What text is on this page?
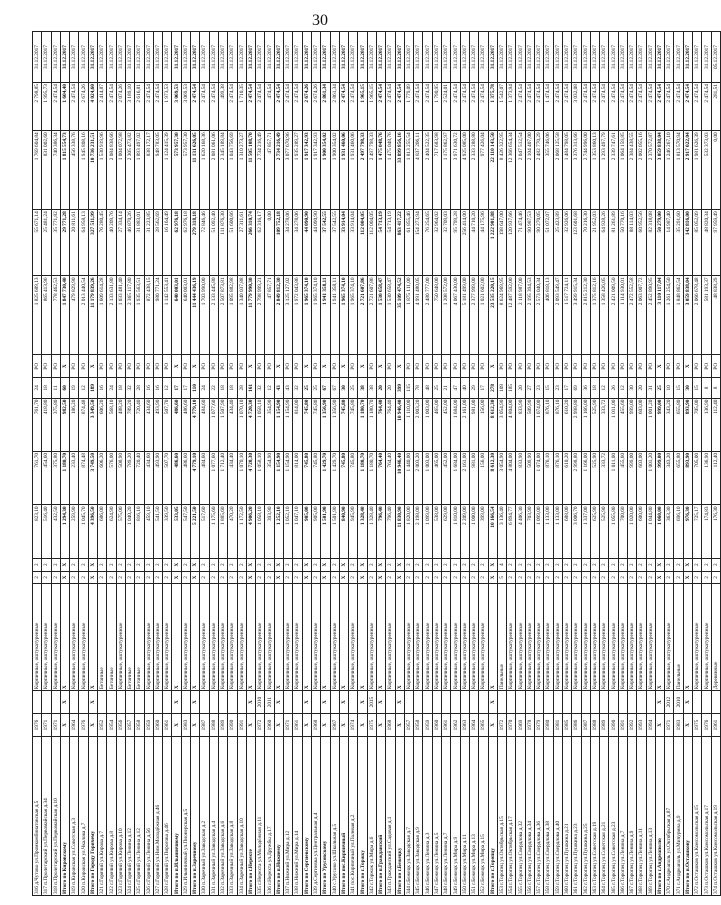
30
316 д.Чутово ул.Промкомбинатовская д.5	1976		Кирпичные, оштукатуренные	2	2	823,10	761,70	761,70	24	РО	1 825 689,13	55 671,14	1 769 604,84	2 798,85	31.12.2017
317 п.Пролетарский ул.Первомайская д.34	1971		Кирпичные, оштукатуренные	2	2	516,40	454,60	418,80	18	РО	865 413,96	25 481,24	831 002,60	1 995,73	31.12.2017
318 п.Пролетарский ул.Первомайская д.10	1971		Кирпичные, оштукатуренные	2	2	432,50	375,80	375,80	11	РО	778 462,53	35 771,82	740 386,34	2 474,54	31.12.2017
Итого по Кировскому	X	X	X	X	X	1 294,30	1 180,70	982,50	60	X	1 847 730,40	29 771,28	1 815 554,73	1 604,40	31.12.2017
319 п.Кировская ул.Советская д.3	1964		Кирпичные, оштукатуренные	2	2	259,90	233,40	186,20	19	РО	479 829,90	20 811,61	456 338,76	2 474,54	31.12.2017
320 п.Кировская ул.Чкалова д.7	1976		Кирпичные, оштукатуренные	2	2	1 045,70	874,48	874,48	12	РО	2 013 440,54	64 958,13	1 945 808,16	2 674,26	31.12.2017
Итого по Городу Горячему	X	X	X	X	X	4 396,50	3 749,50	3 349,50	189	X	11 179 839,26	327 511,99	10 736 231,51	4 024,60	31.12.2017
321 г.Горячий ул.Кирова д.7	1952		Бетонные	2	2	686,00	606,20	606,20	16	РО	1 609 614,28	76 280,45	1 530 919,96	2 414,87	31.12.2017
322 г.Горячий ул.Кирова д.8	1954		Бетонные	2	2	624,90	576,00	568,10	24	РО	2 133 631,80	40 209,76	2 084 838,66	2 474,54	31.12.2017
323 г.Горячий ул.Кирова д.10	1956		Кирпичные, оштукатуренные	2	2	575,00	508,90	488,20	18	РО	1 033 481,40	27 334,14	1 004 072,98	2 074,26	31.12.2017
324 г.Горячий ул.Ленина д.12	1957		Бетонные	2	2	1 040,20	789,20	789,20	32	РО	2 365 117,80	46 870,26	2 305 473,82	3 189,10	31.12.2017
325 г.Горячий ул.Ленина д.12	1958		Бетонные	2	2	816,10	720,40	720,40	28	РО	1 935 563,51	31 883,01	1 893 497,02	2 616,81	31.12.2017
326 г.Горячий ул.Ленина д.56	1959		Кирпичные, оштукатуренные	2	2	459,10	434,60	434,60	16	РО	872 438,15	31 223,85	838 172,17	2 474,54	31.12.2017
327 г.Горячий ул.Ним.Молодёжная д.46	1960		Кирпичные, оштукатуренные	2	2	541,50	493,90	493,90	16	РО	980 771,24	28 562,69	948 783,05	2 474,54	31.12.2017
328 г.Горячий ул.Пирогова д.46	1961		Кирпичные, оштукатуренные	2	2	339,50	507,70	507,70	12	РО	1 142 553,41	16 164,49	1 124 415,39	1 973,53	31.12.2017
Итого по п.Ильиничному	X	X	X	X	X	533,05	486,60	486,60	17	X	640 003,01	62 976,18	573 957,30	3 069,53	31.12.2017
329 п.Ильиничный ул.Пионерская д.5	1983		Кирпичные, оштукатуренные	2	2	547,50	486,60	486,60	17	РО	640 003,01	62 976,18	573 957,30	3 069,53	31.12.2017
Итого по п.Заречному	X	X	X	X	X	5 221,50	4 779,10	4 779,10	110	X	11 444 436,19	279 318,18	11 131 626,05	2 474,54	31.12.2017
330 п.Заречный ул.Заводская д.2	1987		Кирпичные, оштукатуренные	2	2	517,60	484,60	484,60	24	РО	1 703 990,00	72 846,46	1 620 168,36	2 474,54	31.12.2017
331 п.Заречный ул.Заводская д.4	1988		Кирпичные, оштукатуренные	2	2	1 175,60	1 077,60	1 077,60	22	РО	2 133 445,80	51 092,40	2 081 061,06	2 474,54	31.12.2017
332 п.Заречный ул.Заводская д.6	1989		Кирпичные, оштукатуренные	2	2	1 885,60	1 712,40	1 507,90	18	РО	2 507 873,81	111 876,30	2 345 189,84	499,38	31.12.2017
333 п.Заречный ул.Заводская д.8	1990		Кирпичные, оштукатуренные	2	2	470,20	434,40	434,40	18	РО	1 095 882,98	51 600,66	1 043 756,69	2 474,54	31.12.2017
334 п.Заречный ул.Заводская д.10	1991		Кирпичные, оштукатуренные	2	2	1 172,50	1 070,10	1 070,10	28	РО	1 340 037,88	27 311,61	1 310 273,27	1 710,35	31.12.2017
Итого по г.Нерехте	X	X	X	X	X	4 906,20	4 720,30	4 720,30	161	X	11 779 990,30	266 310,74	11 505 108,70	2 474,54	31.12.2017
335 г.Нерехта ул.Молодёжная д.11	1972	2010	Кирпичные, оштукатуренные	2	2	1 058,10	1 058,10	1 058,10	32	РО	2 798 999,21	62 316,17	2 734 216,49	2 474,54	31.12.2017
336 г.Нерехта ул.Дружбы д.17	1960	2011	Кирпичные, оштукатуренные	2	2	393,90	354,90	354,90	12	РО	47 857,71	0,00	47 857,71	474,54	31.12.2017
Итого по п.Нижнему	X	X	X	X	X	1 252,10	1 154,90	1 154,90	43	X	2 849 812,30	109 752,18	2 734 216,49	2 474,54	31.12.2017
337 п.Нижний ул.Мира д.12	1971		Кирпичные, оштукатуренные	2	2	1 052,10	1 154,90	1 154,90	43	РО	3 125 127,02	34 278,06	3 077 670,96	2 474,54	31.12.2017
338 п.Нижний ул.Мира д.14	1961		Кирпичные, оштукатуренные	2	2	1 047,10	814,00	814,00	32	РО	1 972 043,86	34 278,06	1 935 289,27	2 474,54	31.12.2017
Итого по Сергиевскому	X	X	X	X	X	905,00	745,80	745,80	25	X	1 965 374,10	44 090,90	1 917 342,93	2 674,26	31.12.2017
339 д.Сергиевка ул.Центральная д.4	1968		Кирпичные, оштукатуренные	2	2	905,00	745,80	745,80	25	РО	1 965 374,10	44 090,90	1 917 342,93	2 674,26	31.12.2017
Итого по Урусовскому	X	X	X	X	X	1 501,90	1 429,70	1 356,90	67	X	1 941 358,11	37 542,55	1 900 354,02	2 861,34	31.12.2017
340 с.Урусово ул.Школьная д.5	1967		Кирпичные, оштукатуренные	2	2	1 501,90	1 429,70	1 356,90	67	РО	1 941 358,11	37 542,55	1 900 354,02	2 861,34	31.12.2017
Итого по пос.Кирпичный	X	X	X	X	X	840,90	745,80	745,80	30	X	1 965 374,10	33 914,04	1 931 460,06	2 474,54	31.12.2017
341 пос.Кирпичный ул.Полевая д.2	1974		Кирпичные, оштукатуренные	2	2	945,90	745,80	745,80	25	РО	1 965 374,10	33 914,04	1 931 460,06	2 474,54	31.12.2017
Итого по г.Торжку	X	X	X	X	X	1 328,40	1 180,70	1 180,70	38	X	2 721 607,86	112 004,05	2 497 798,33	1 965,15	31.12.2017
342 г.Торжок ул.Мира д.6	1975	2015	Кирпичные, оштукатуренные	2	2	1 328,40	1 180,70	1 180,70	38	РО	2 721 607,86	112 004,05	2 497 798,33	1 965,15	31.12.2017
Итого по п.Гражданский	X	X	X	X	X	796,40	764,40	764,40	20	X	1 530 658,47	54 713,19	1 475 048,76	2 474,54	31.12.2017
343 п.Гражданский ул.Садовая д.1	1968		Кирпичные, оштукатуренные	2	2	796,40	764,40	764,40	20	РО	1 530 658,47	54 713,19	1 475 048,76	2 474,54	31.12.2017
Итого по г.Бежецку	X	X	X	X	X	11 830,90	10 946,40	10 946,40	399	X	35 109 474,52	863 417,22	33 899 856,16	2 474,54	31.12.2017
344 г.Бежецк ул.Заводская д.7	1957		Кирпичные, оштукатуренные	2	2	1 820,00	1 440,00	1 110,00	115	РО	1 875 111,00	61 855,46	1 813 255,54	1 779,09	31.12.2017
345 г.Бежецк ул.Заводская д.9	1958		Кирпичные, оштукатуренные	2	2	2 198,00	2 003,20	2 003,20	78	РО	4 991 480,05	154 273,94	4 837 206,11	2 474,54	31.12.2017
346 г.Бежецк ул.Ленина д.3	1959		Кирпичные, оштукатуренные	2	2	1 099,00	1 003,00	1 003,00	48	РО	2 480 777,00	76 254,65	2 404 522,35	2 474,54	31.12.2017
347 г.Бежецк ул.Ленина д.5	1960		Кирпичные, оштукатуренные	2	2	538,00	465,00	465,00	25	РО	750 648,00	32 964,02	717 683,98	1 790,95	31.12.2017
348 г.Бежецк ул.Ленина д.7	1961		Кирпичные, оштукатуренные	2	2	629,00	452,00	452,00	21	РО	1 208 572,00	32 709,03	1 175 862,97	2 524,01	31.12.2017
349 г.Бежецк ул.Мира д.9	1962		Кирпичные, оштукатуренные	2	2	1 810,00	1 684,00	1 684,00	47	РО	4 067 430,00	95 799,28	3 971 630,72	2 474,54	31.12.2017
350 г.Бежецк ул.Мира д.11	1963		Кирпичные, оштукатуренные	2	2	2 209,00	2 161,00	2 161,00	40	РО	5 181 499,00	256 414,00	4 925 085,00	2 474,54	31.12.2017
351 г.Бежецк ул.Мира д.13	1964		Кирпичные, оштукатуренные	2	2	1 000,00	981,00	981,00	29	РО	2 377 999,00	44 710,20	2 333 288,80	2 474,54	31.12.2017
352 г.Бежецк ул.Мира д.15	1965		Кирпичные, оштукатуренные	2	2	399,00	156,00	156,00	17	РО	1 021 602,00	44 175,96	977 426,04	2 474,54	31.12.2017
Итого по г.Торопцу	X	X	X	X	X	10 166,54	8 612,30	8 612,30	278	X	23 535 220,15	1 222 901,88	22 110 143,50	1 375,78	31.12.2017
353 г.Торопец ул.Октябрьская д.15	1972		Панельные	5	4	3 136,40	3 054,90	3 054,90	109	РО	8 624 969,95	198 647,00	8 426 322,95	1 542,07	31.12.2017
354 г.Торопец ул.Октябрьская д.17	1970		Кирпичные, оштукатуренные	2	2	6 894,77	4 804,00	4 804,00	185	РО	12 487 592,00	120 937,66	12 366 654,34	1 373,94	31.12.2017
355 г.Торопец ул.Свердлова д.32	1969		Кирпичные, оштукатуренные	2	2	4 406,30	833,90	833,90	20	РО	2 118 987,00	71 474,46	2 047 512,54	2 474,54	31.12.2017
356 г.Торопец ул.Свердлова д.34	1978		Кирпичные, оштукатуренные	2	2	703,90	509,90	509,90	27	РО	2 195 394,53	90 987,53	2 104 407,00	2 474,54	31.12.2017
357 г.Торопец ул.Свердлова д.36	1979		Кирпичные, оштукатуренные	2	2	1 099,00	1 074,00	1 074,00	23	РО	2 573 040,34	90 270,05	2 482 770,29	2 474,54	31.12.2017
358 г.Торопец ул.Свердлова д.38	1980		Кирпичные, оштукатуренные	2	2	1 133,00	876,10	876,10	15	РО	406 818,13	51 072,07	355 746,06	1 474,54	31.12.2017
359 г.Торопец ул.Свердлова д.40	1981		Кирпичные, оштукатуренные	2	2	1 133,00	876,10	876,10	23	РО	2 093 549,47	25 423,89	2 068 125,58	2 474,54	31.12.2017
360 г.Торопец ул.Пушкина д.21	1985		Кирпичные, оштукатуренные	2	2	688,00	610,20	610,20	17	РО	1 517 724,11	32 926,06	1 484 798,05	2 474,54	31.12.2017
361 г.Торопец ул.Пушкина д.23	1986		Кирпичные, оштукатуренные	2	2	3 006,70	2 998,80	2 998,80	69	РО	3 499 915,34	123 601,68	3 376 313,66	3 032,08	31.12.2017
362 г.Торопец ул.Пушкина д.25	1987		Кирпичные, оштукатуренные	2	2	1 337,00	1 166,00	1 166,00	36	РО	2 815 212,30	70 216,30	2 744 996,00	2 474,54	31.12.2017
363 г.Торопец ул.Советская д.19	1988		Кирпичные, оштукатуренные	2	2	625,90	525,90	525,90	18	РО	1 375 812,16	21 952,03	1 353 860,13	2 474,54	31.12.2017
364 г.Торопец ул.Советская д.21	1989		Кирпичные, оштукатуренные	2	2	525,90	333,72	333,72	12	РО	1 358 426,05	64 928,26	1 293 497,79	2 474,54	31.12.2017
365 г.Торопец ул.Советская д.23	1990		Кирпичные, оштукатуренные	2	2	1 055,80	1 011,00	1 011,00	26	РО	2 421 009,50	81 261,89	2 339 747,61	2 474,54	31.12.2017
366 г.Торопец ул.Ленина д.7	1991		Кирпичные, оштукатуренные	2	2	700,60	455,60	455,60	12	РО	1 114 930,01	50 770,16	1 064 159,85	2 474,54	31.12.2017
367 г.Торопец ул.Ленина д.9	1992		Кирпичные, оштукатуренные	2	2	1 020,00	999,00	999,00	30	РО	2 472 552,58	88 114,03	2 384 438,55	2 474,54	31.12.2017
368 г.Торопец ул.Ленина д.11	1993		Кирпичные, оштукатуренные	2	2	600,00	603,00	603,00	20	РО	2 063 007,72	60 952,56	2 002 055,16	2 474,54	31.12.2017
369 г.Торопец ул.Ленина д.13	1994		Кирпичные, оштукатуренные	2	2	1 044,80	1 001,20	1 001,20	31	РО	2 452 890,95	82 318,08	2 370 572,87	2 474,54	31.12.2017
Итого по г.Андреаполю	X	X	X	X	X	1 060,00	999,00	999,00	25	X	3 110 117,04	50 279,00	3 059 838,04	2 474,54	31.12.2017
370 г.Андреаполь ул.Октябрьская д.87	1971	2012	Кирпичные, оштукатуренные	2	2	363,30	343,20	343,20	10	РО	1 261 254,50	14 987,40	1 246 267,10	2 474,54	31.12.2017
371 г.Андреаполь ул.Мичурина д.9	1983	2010	Панельные	2	2	696,10	655,80	655,80	15	РО	1 848 862,54	35 291,60	1 813 570,94	2 474,54	31.12.2017
Итого по п.Осташкову	X	X	X	X	X	976,30	893,90	893,90	30	X	3 059 838,04	142 816,00	2 917 022,04	2 474,54	31.12.2017
372 п.Осташков ул.Комсомольская д.15	1975		Кирпичные, оштукатуренные	2	2	725,17	705,00	705,00	15	РО	2 066 678,48	85 052,09	1 981 626,39	2 474,54	31.12.2017
373 п.Осташков ул.Комсомольская д.17	1976		Кирпичные, оштукатуренные	2	2	174,83	136,90	136,90	8	РО	581 193,37	48 820,34	532 373,03	2 474,54	31.12.2017
374 п.Осташков ул.Комсомольская д.19	1961		Деревянные	2	2	176,30	112,40	112,40	8	РО	48 838,29	97 959,49	0,00	281,51	05.12.2017
